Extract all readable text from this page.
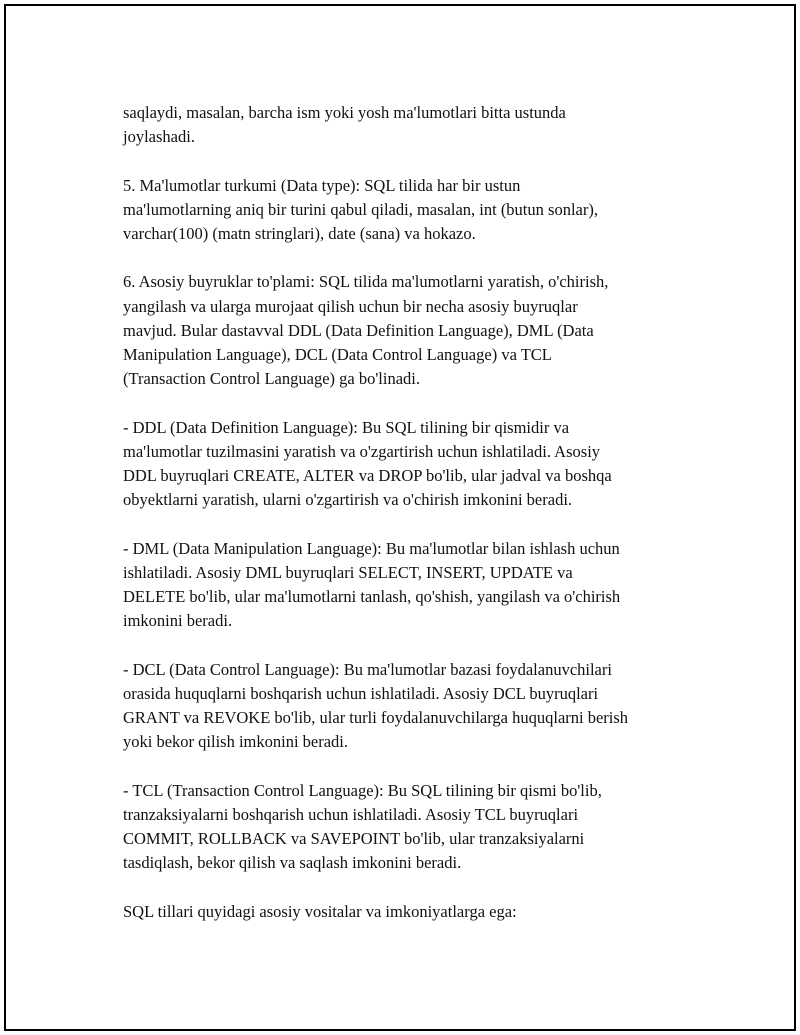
saqlaydi, masalan, barcha ism yoki yosh ma'lumotlari bitta ustunda
joylashadi.

5. Ma'lumotlar turkumi (Data type): SQL tilida har bir ustun
ma'lumotlarning aniq bir turini qabul qiladi, masalan, int (butun sonlar),
varchar(100) (matn stringlari), date (sana) va hokazo.

6. Asosiy buyruklar to'plami: SQL tilida ma'lumotlarni yaratish, o'chirish,
yangilash va ularga murojaat qilish uchun bir necha asosiy buyruqlar
mavjud. Bular dastavval DDL (Data Definition Language), DML (Data
Manipulation Language), DCL (Data Control Language) va TCL
(Transaction Control Language) ga bo'linadi.

- DDL (Data Definition Language): Bu SQL tilining bir qismidir va
ma'lumotlar tuzilmasini yaratish va o'zgartirish uchun ishlatiladi. Asosiy
DDL buyruqlari CREATE, ALTER va DROP bo'lib, ular jadval va boshqa
obyektlarni yaratish, ularni o'zgartirish va o'chirish imkonini beradi.

- DML (Data Manipulation Language): Bu ma'lumotlar bilan ishlash uchun
ishlatiladi. Asosiy DML buyruqlari SELECT, INSERT, UPDATE va
DELETE bo'lib, ular ma'lumotlarni tanlash, qo'shish, yangilash va o'chirish
imkonini beradi.

- DCL (Data Control Language): Bu ma'lumotlar bazasi foydalanuvchilari
orasida huquqlarni boshqarish uchun ishlatiladi. Asosiy DCL buyruqlari
GRANT va REVOKE bo'lib, ular turli foydalanuvchilarga huquqlarni berish
yoki bekor qilish imkonini beradi.

- TCL (Transaction Control Language): Bu SQL tilining bir qismi bo'lib,
tranzaksiyalarni boshqarish uchun ishlatiladi. Asosiy TCL buyruqlari
COMMIT, ROLLBACK va SAVEPOINT bo'lib, ular tranzaksiyalarni
tasdiqlash, bekor qilish va saqlash imkonini beradi.

SQL tillari quyidagi asosiy vositalar va imkoniyatlarga ega:
